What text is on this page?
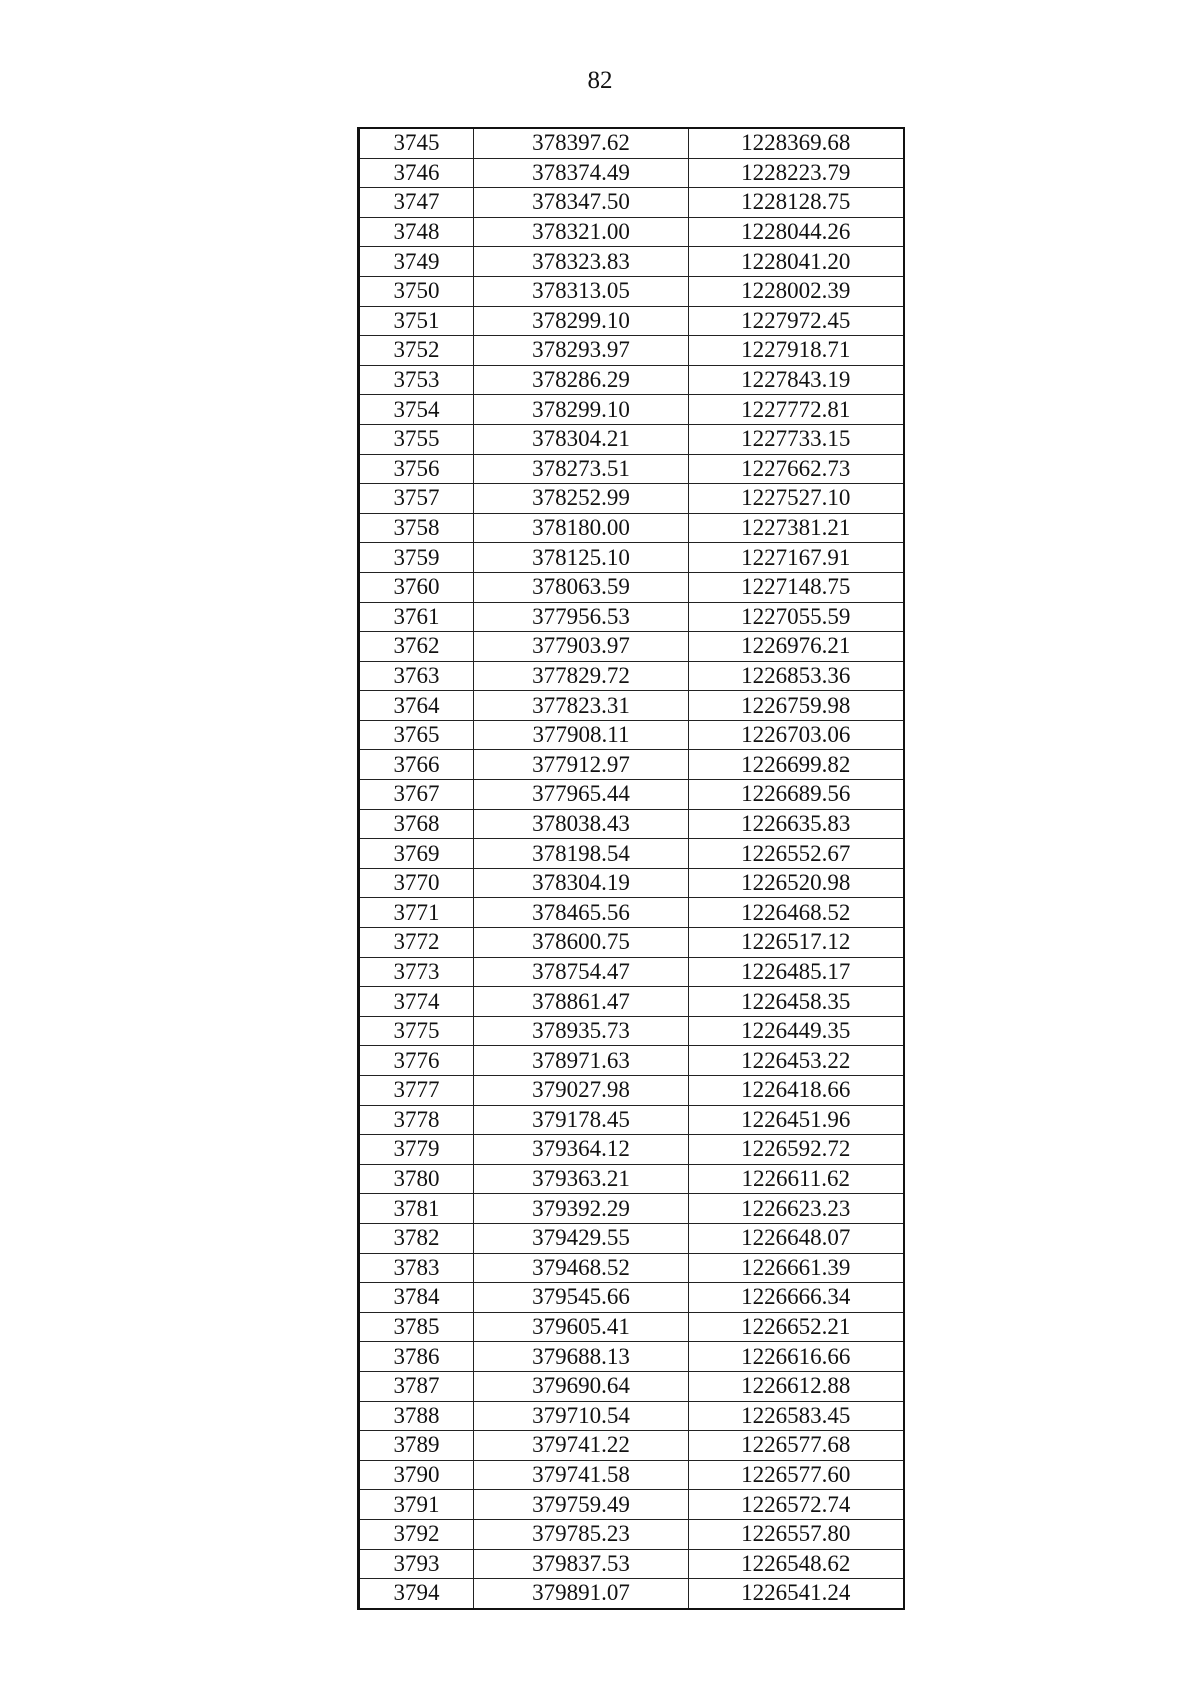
82
3745	378397.62	1228369.68
3746	378374.49	1228223.79
3747	378347.50	1228128.75
3748	378321.00	1228044.26
3749	378323.83	1228041.20
3750	378313.05	1228002.39
3751	378299.10	1227972.45
3752	378293.97	1227918.71
3753	378286.29	1227843.19
3754	378299.10	1227772.81
3755	378304.21	1227733.15
3756	378273.51	1227662.73
3757	378252.99	1227527.10
3758	378180.00	1227381.21
3759	378125.10	1227167.91
3760	378063.59	1227148.75
3761	377956.53	1227055.59
3762	377903.97	1226976.21
3763	377829.72	1226853.36
3764	377823.31	1226759.98
3765	377908.11	1226703.06
3766	377912.97	1226699.82
3767	377965.44	1226689.56
3768	378038.43	1226635.83
3769	378198.54	1226552.67
3770	378304.19	1226520.98
3771	378465.56	1226468.52
3772	378600.75	1226517.12
3773	378754.47	1226485.17
3774	378861.47	1226458.35
3775	378935.73	1226449.35
3776	378971.63	1226453.22
3777	379027.98	1226418.66
3778	379178.45	1226451.96
3779	379364.12	1226592.72
3780	379363.21	1226611.62
3781	379392.29	1226623.23
3782	379429.55	1226648.07
3783	379468.52	1226661.39
3784	379545.66	1226666.34
3785	379605.41	1226652.21
3786	379688.13	1226616.66
3787	379690.64	1226612.88
3788	379710.54	1226583.45
3789	379741.22	1226577.68
3790	379741.58	1226577.60
3791	379759.49	1226572.74
3792	379785.23	1226557.80
3793	379837.53	1226548.62
3794	379891.07	1226541.24
